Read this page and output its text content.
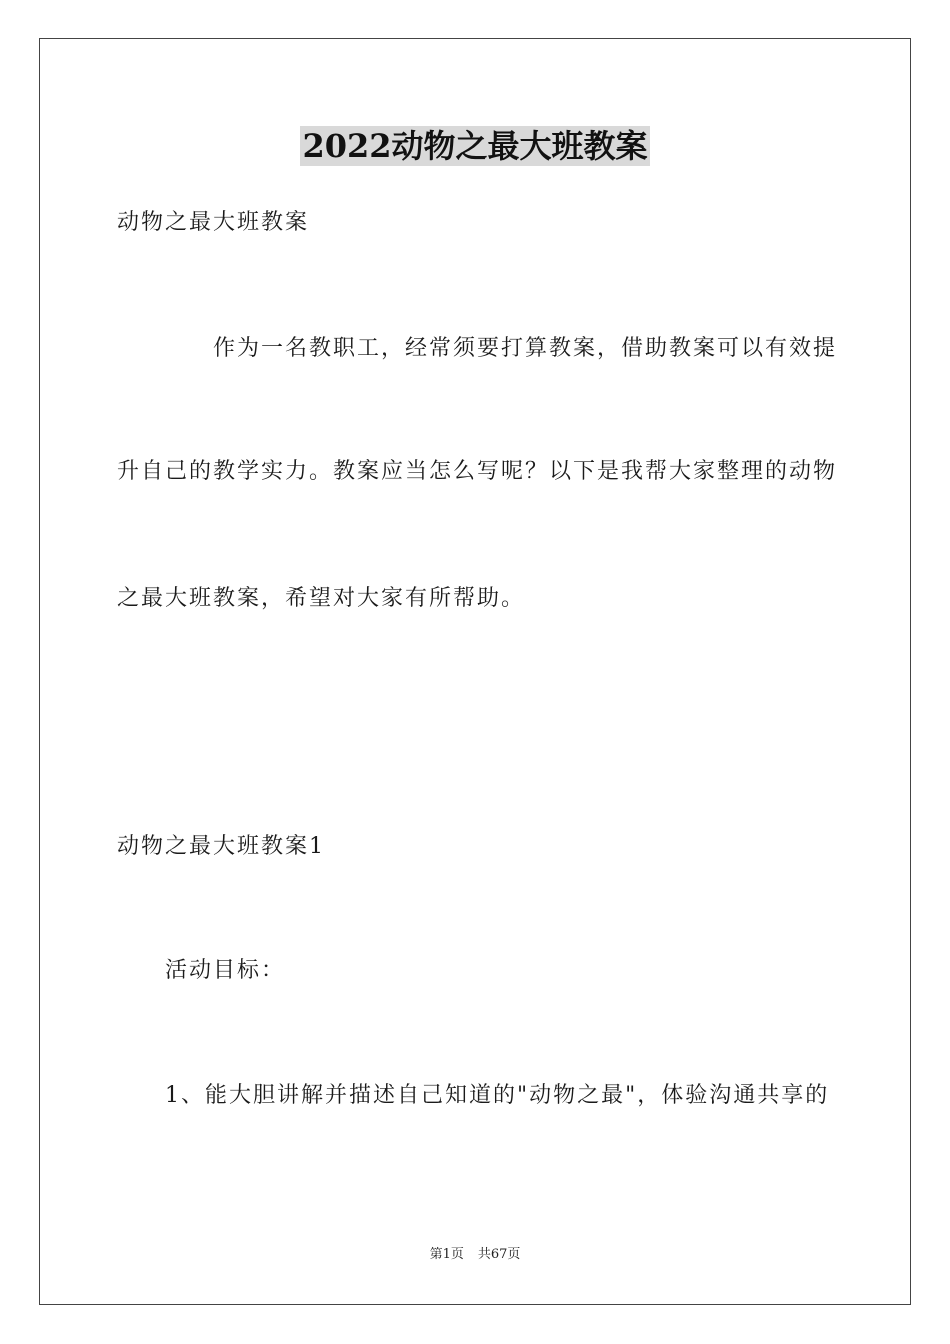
2022动物之最大班教案
动物之最大班教案
作为一名教职工，经常须要打算教案，借助教案可以有效提
升自己的教学实力。教案应当怎么写呢？以下是我帮大家整理的动物
之最大班教案，希望对大家有所帮助。
动物之最大班教案1
活动目标：
1、能大胆讲解并描述自己知道的"动物之最"，体验沟通共享的
第1页 共67页
